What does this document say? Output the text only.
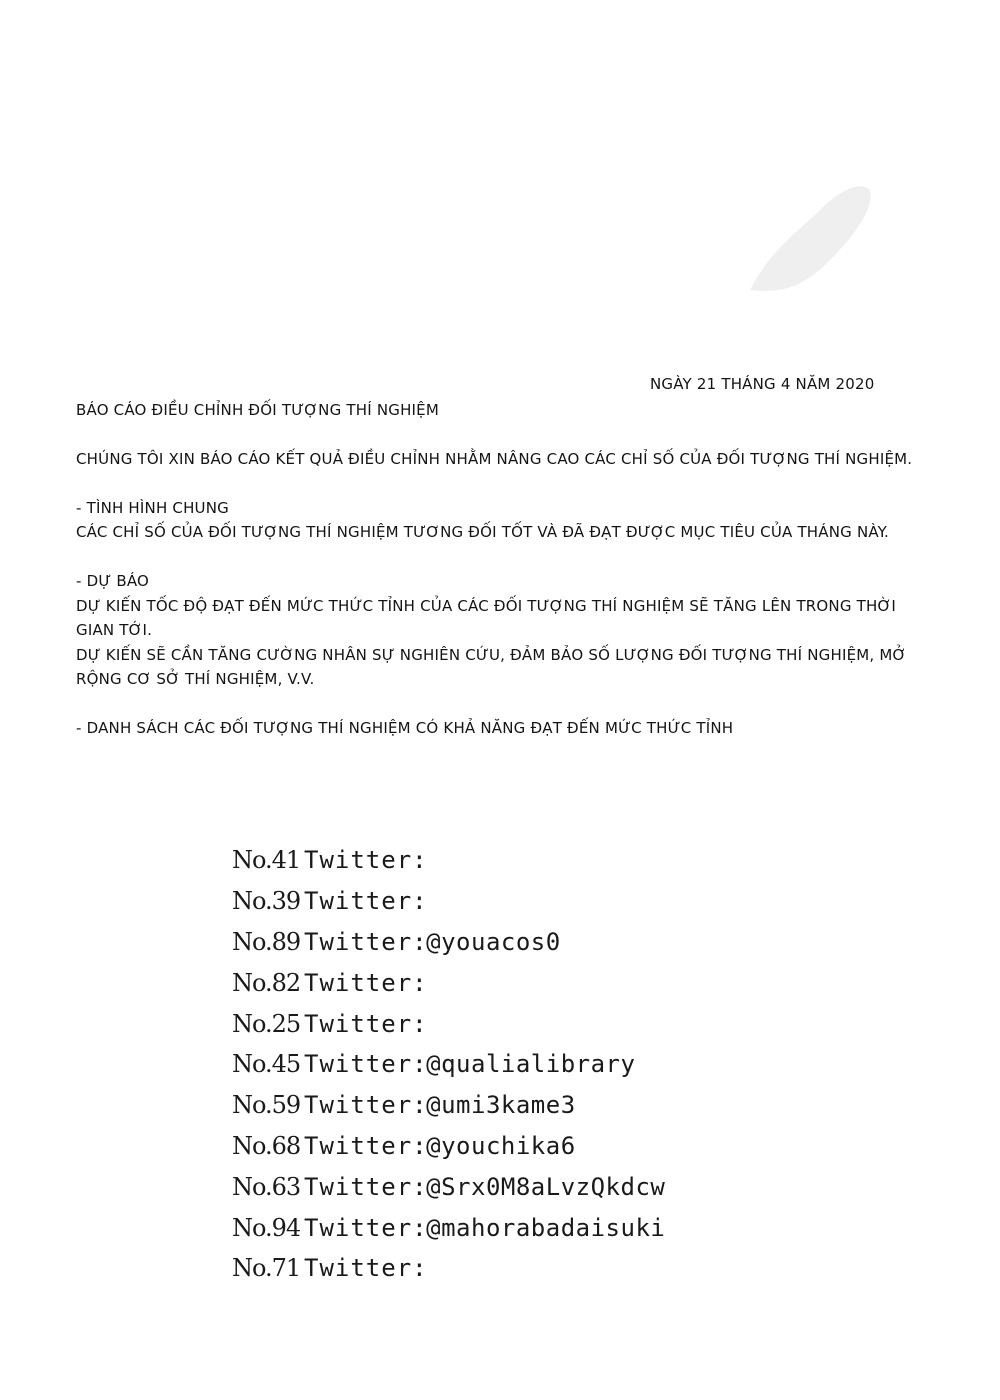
NGÀY 21 THÁNG 4 NĂM 2020
BÁO CÁO ĐIỀU CHỈNH ĐỐI TƯỢNG THÍ NGHIỆM
CHÚNG TÔI XIN BÁO CÁO KẾT QUẢ ĐIỀU CHỈNH NHẰM NÂNG CAO CÁC CHỈ SỐ CỦA ĐỐI TƯỢNG THÍ NGHIỆM.
- TÌNH HÌNH CHUNG
CÁC CHỈ SỐ CỦA ĐỐI TƯỢNG THÍ NGHIỆM TƯƠNG ĐỐI TỐT VÀ ĐÃ ĐẠT ĐƯỢC MỤC TIÊU CỦA THÁNG NÀY.
- DỰ BÁO
DỰ KIẾN TỐC ĐỘ ĐẠT ĐẾN MỨC THỨC TỈNH CỦA CÁC ĐỐI TƯỢNG THÍ NGHIỆM SẼ TĂNG LÊN TRONG THỜI
GIAN TỚI.
DỰ KIẾN SẼ CẦN TĂNG CƯỜNG NHÂN SỰ NGHIÊN CỨU, ĐẢM BẢO SỐ LƯỢNG ĐỐI TƯỢNG THÍ NGHIỆM, MỞ
RỘNG CƠ SỞ THÍ NGHIỆM, V.V.
- DANH SÁCH CÁC ĐỐI TƯỢNG THÍ NGHIỆM CÓ KHẢ NĂNG ĐẠT ĐẾN MỨC THỨC TỈNH
No.41 Twitter :
No.39 Twitter :
No.89 Twitter : @youacos0
No.82 Twitter :
No.25 Twitter :
No.45 Twitter : @qualialibrary
No.59 Twitter : @umi3kame3
No.68 Twitter : @youchika6
No.63 Twitter : @Srx0M8aLvzQkdcw
No.94 Twitter : @mahorabadaisuki
No.71 Twitter :
